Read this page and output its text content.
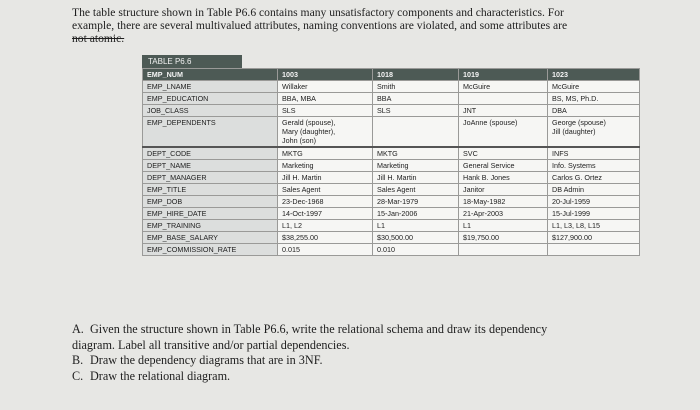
The table structure shown in Table P6.6 contains many unsatisfactory components and characteristics. For
example, there are several multivalued attributes, naming conventions are violated, and some attributes are
not atomic.
TABLE P6.6
EMP_NUM	1003	1018	1019	1023
EMP_LNAME	Willaker	Smith	McGuire	McGuire
EMP_EDUCATION	BBA, MBA	BBA		BS, MS, Ph.D.
JOB_CLASS	SLS	SLS	JNT	DBA
EMP_DEPENDENTS	Gerald (spouse),
Mary (daughter),
John (son)		JoAnne (spouse)	George (spouse)
Jill (daughter)
DEPT_CODE	MKTG	MKTG	SVC	INFS
DEPT_NAME	Marketing	Marketing	General Service	Info. Systems
DEPT_MANAGER	Jill H. Martin	Jill H. Martin	Hank B. Jones	Carlos G. Ortez
EMP_TITLE	Sales Agent	Sales Agent	Janitor	DB Admin
EMP_DOB	23-Dec-1968	28-Mar-1979	18-May-1982	20-Jul-1959
EMP_HIRE_DATE	14-Oct-1997	15-Jan-2006	21-Apr-2003	15-Jul-1999
EMP_TRAINING	L1, L2	L1	L1	L1, L3, L8, L15
EMP_BASE_SALARY	$38,255.00	$30,500.00	$19,750.00	$127,900.00
EMP_COMMISSION_RATE	0.015	0.010		
A. Given the structure shown in Table P6.6, write the relational schema and draw its dependency
diagram. Label all transitive and/or partial dependencies.
B. Draw the dependency diagrams that are in 3NF.
C. Draw the relational diagram.
